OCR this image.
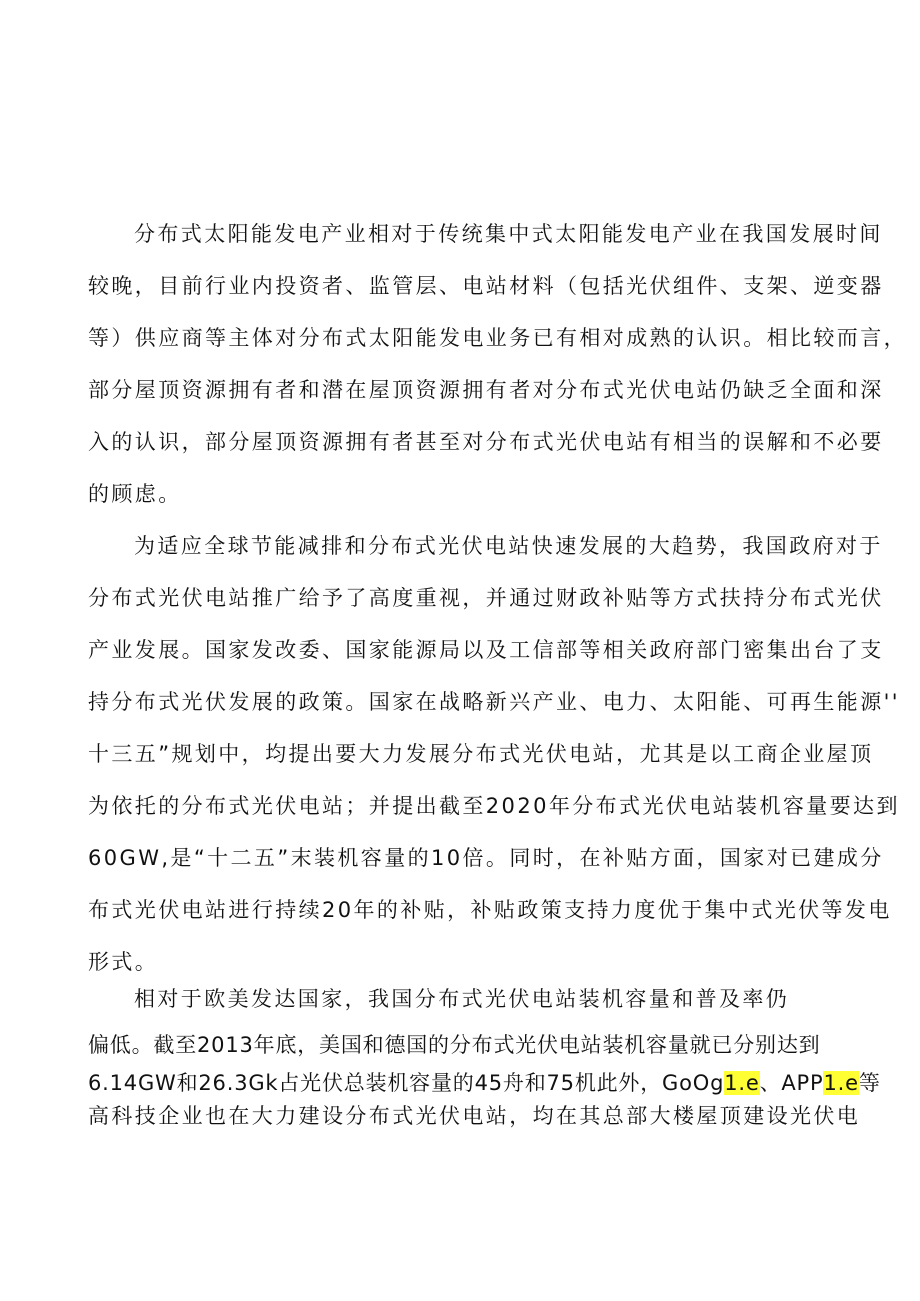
分布式太阳能发电产业相对于传统集中式太阳能发电产业在我国发展时间
较晚，目前行业内投资者、监管层、电站材料（包括光伏组件、支架、逆变器
等）供应商等主体对分布式太阳能发电业务已有相对成熟的认识。相比较而言，
部分屋顶资源拥有者和潜在屋顶资源拥有者对分布式光伏电站仍缺乏全面和深
入的认识，部分屋顶资源拥有者甚至对分布式光伏电站有相当的误解和不必要
的顾虑。
为适应全球节能减排和分布式光伏电站快速发展的大趋势，我国政府对于
分布式光伏电站推广给予了高度重视，并通过财政补贴等方式扶持分布式光伏
产业发展。国家发改委、国家能源局以及工信部等相关政府部门密集出台了支
持分布式光伏发展的政策。国家在战略新兴产业、电力、太阳能、可再生能源''
十三五”规划中，均提出要大力发展分布式光伏电站，尤其是以工商企业屋顶
为依托的分布式光伏电站；并提出截至2020年分布式光伏电站装机容量要达到
60GW,是“十二五”末装机容量的10倍。同时，在补贴方面，国家对已建成分
布式光伏电站进行持续20年的补贴，补贴政策支持力度优于集中式光伏等发电
形式。
相对于欧美发达国家，我国分布式光伏电站装机容量和普及率仍
偏低。截至2013年底，美国和德国的分布式光伏电站装机容量就已分别达到
6.14GW和26.3Gk占光伏总装机容量的45舟和75机此外，GoOg1.e、APP1.e等
高科技企业也在大力建设分布式光伏电站，均在其总部大楼屋顶建设光伏电
